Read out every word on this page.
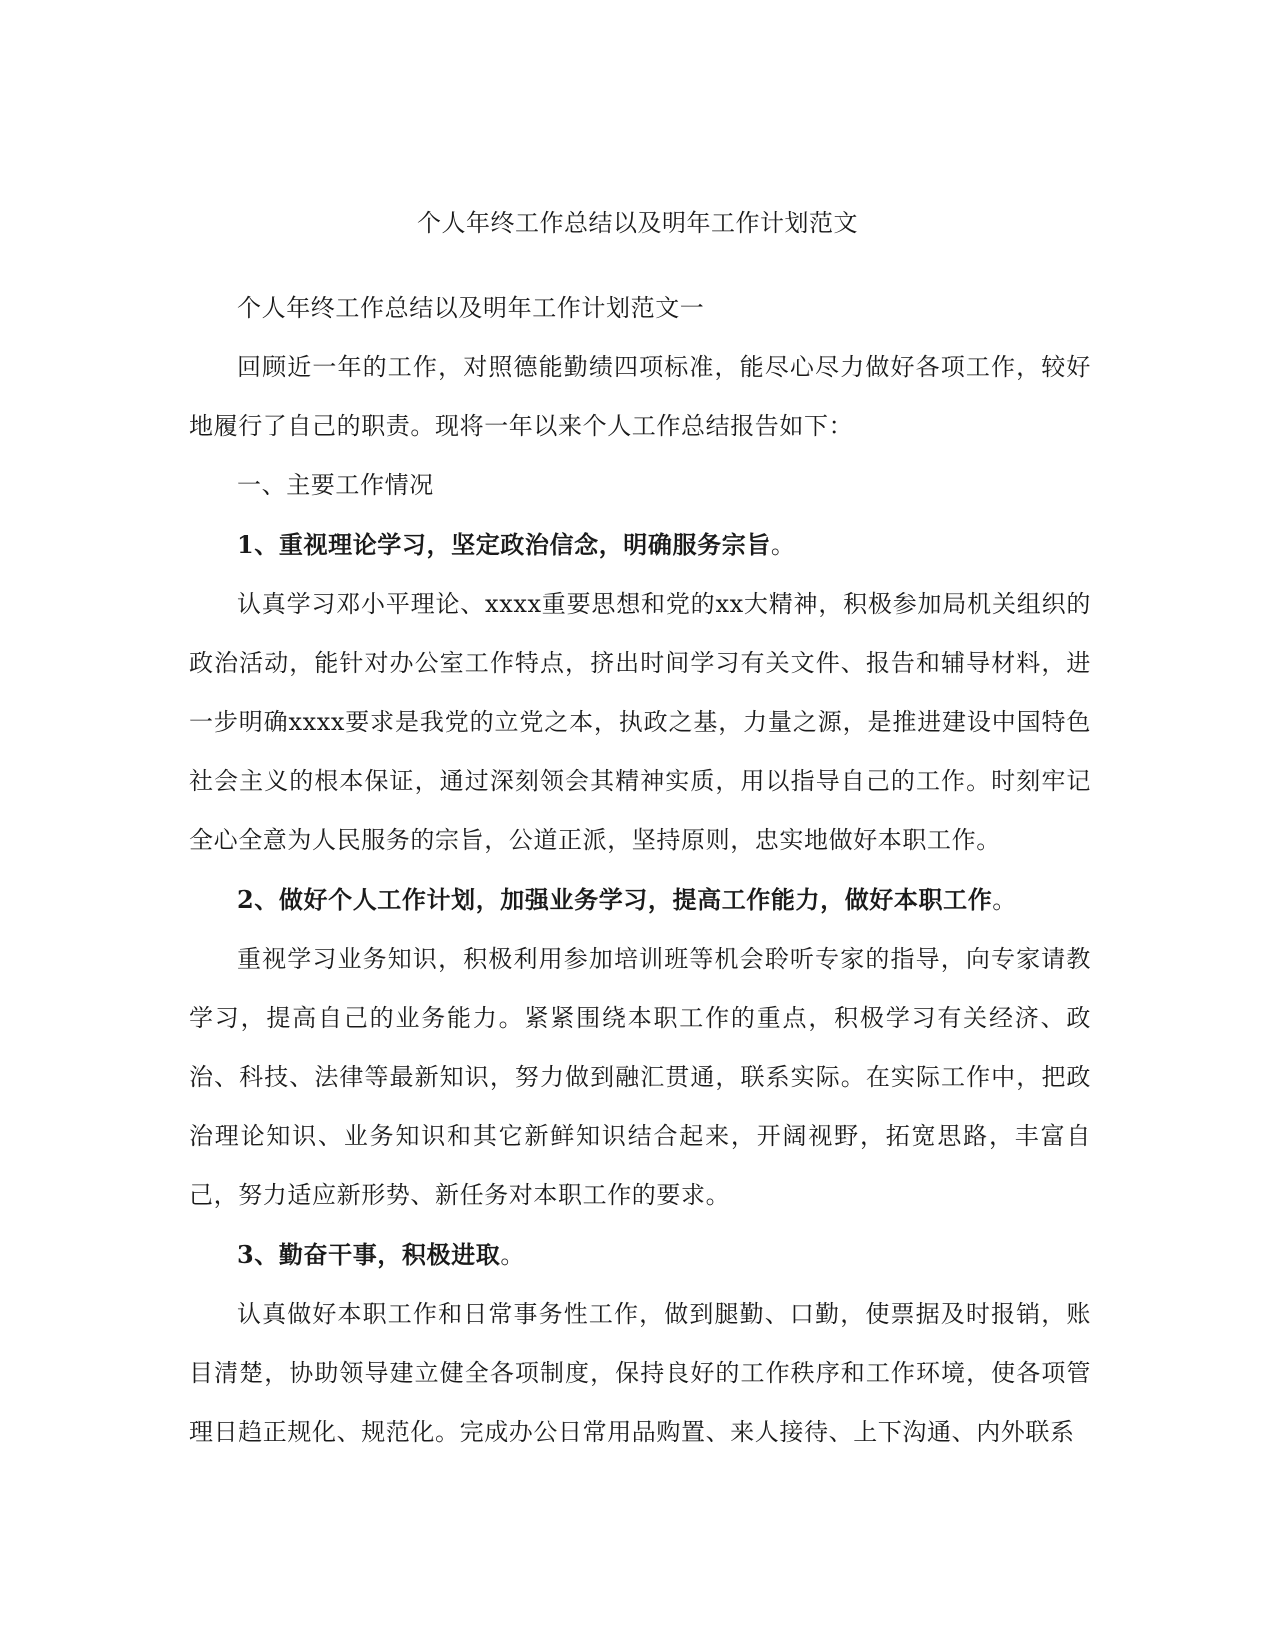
个人年终工作总结以及明年工作计划范文

个人年终工作总结以及明年工作计划范文一

回顾近一年的工作，对照德能勤绩四项标准，能尽心尽力做好各项工作，较好地履行了自己的职责。现将一年以来个人工作总结报告如下：

一、主要工作情况

1、重视理论学习，坚定政治信念，明确服务宗旨。

认真学习邓小平理论、xxxx重要思想和党的xx大精神，积极参加局机关组织的政治活动，能针对办公室工作特点，挤出时间学习有关文件、报告和辅导材料，进一步明确xxxx要求是我党的立党之本，执政之基，力量之源，是推进建设中国特色社会主义的根本保证，通过深刻领会其精神实质，用以指导自己的工作。时刻牢记全心全意为人民服务的宗旨，公道正派，坚持原则，忠实地做好本职工作。

2、做好个人工作计划，加强业务学习，提高工作能力，做好本职工作。

重视学习业务知识，积极利用参加培训班等机会聆听专家的指导，向专家请教学习，提高自己的业务能力。紧紧围绕本职工作的重点，积极学习有关经济、政治、科技、法律等最新知识，努力做到融汇贯通，联系实际。在实际工作中，把政治理论知识、业务知识和其它新鲜知识结合起来，开阔视野，拓宽思路，丰富自己，努力适应新形势、新任务对本职工作的要求。

3、勤奋干事，积极进取。

认真做好本职工作和日常事务性工作，做到腿勤、口勤，使票据及时报销，账目清楚，协助领导建立健全各项制度，保持良好的工作秩序和工作环境，使各项管理日趋正规化、规范化。完成办公日常用品购置、来人接待、上下沟通、内外联系
